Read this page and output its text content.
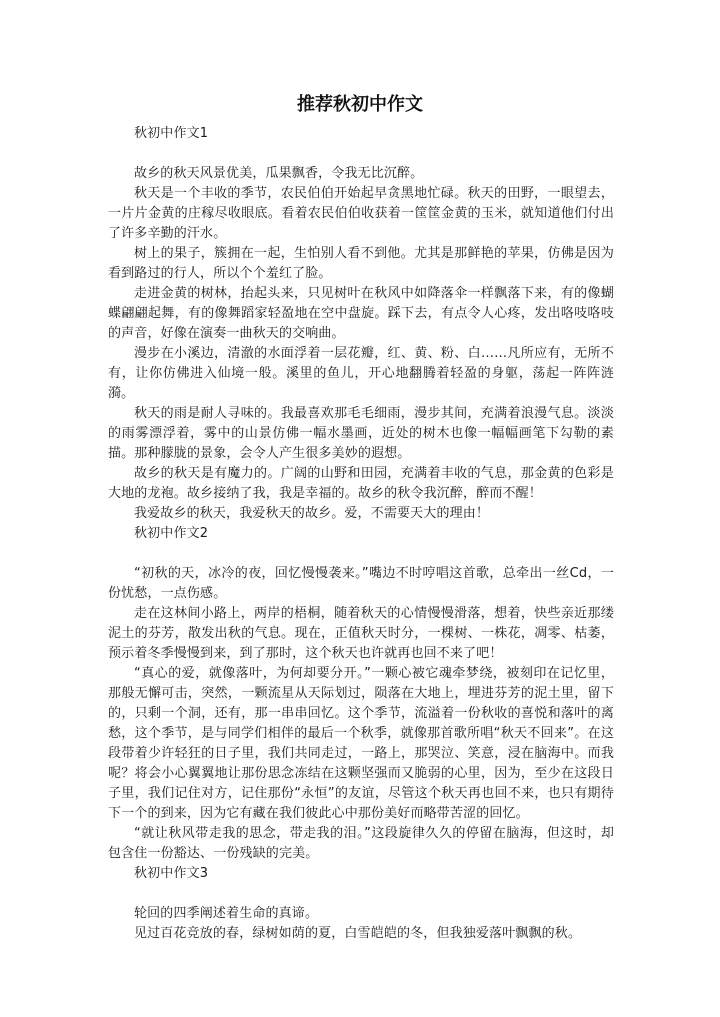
推荐秋初中作文

秋初中作文1

故乡的秋天风景优美，瓜果飘香，令我无比沉醉。

秋天是一个丰收的季节，农民伯伯开始起早贪黑地忙碌。秋天的田野，一眼望去，一片片金黄的庄稼尽收眼底。看着农民伯伯收获着一筐筐金黄的玉米，就知道他们付出了许多辛勤的汗水。

树上的果子，簇拥在一起，生怕别人看不到他。尤其是那鲜艳的苹果，仿佛是因为看到路过的行人，所以个个羞红了脸。

走进金黄的树林，抬起头来，只见树叶在秋风中如降落伞一样飘落下来，有的像蝴蝶翩翩起舞，有的像舞蹈家轻盈地在空中盘旋。踩下去，有点令人心疼，发出咯吱咯吱的声音，好像在演奏一曲秋天的交响曲。

漫步在小溪边，清澈的水面浮着一层花瓣，红、黄、粉、白……凡所应有，无所不有，让你仿佛进入仙境一般。溪里的鱼儿，开心地翻腾着轻盈的身躯，荡起一阵阵涟漪。

秋天的雨是耐人寻味的。我最喜欢那毛毛细雨，漫步其间，充满着浪漫气息。淡淡的雨雾漂浮着，雾中的山景仿佛一幅水墨画，近处的树木也像一幅幅画笔下勾勒的素描。那种朦胧的景象，会令人产生很多美妙的遐想。

故乡的秋天是有魔力的。广阔的山野和田园，充满着丰收的气息，那金黄的色彩是大地的龙袍。故乡接纳了我，我是幸福的。故乡的秋令我沉醉，醉而不醒！

我爱故乡的秋天，我爱秋天的故乡。爱，不需要天大的理由！

秋初中作文2

“初秋的天，冰冷的夜，回忆慢慢袭来。”嘴边不时哼唱这首歌，总牵出一丝Cd，一份忧愁，一点伤感。

走在这林间小路上，两岸的梧桐，随着秋天的心情慢慢滑落，想着，快些亲近那缕泥土的芬芳，散发出秋的气息。现在，正值秋天时分，一棵树、一株花，凋零、枯萎，预示着冬季慢慢到来，到了那时，这个秋天也许就再也回不来了吧！

“真心的爱，就像落叶，为何却要分开。”一颗心被它魂牵梦绕，被刻印在记忆里，那般无懈可击，突然，一颗流星从天际划过，陨落在大地上，埋进芬芳的泥土里，留下的，只剩一个洞，还有，那一串串回忆。这个季节，流溢着一份秋收的喜悦和落叶的离愁，这个季节，是与同学们相伴的最后一个秋季，就像那首歌所唱“秋天不回来”。在这段带着少许轻狂的日子里，我们共同走过，一路上，那哭泣、笑意，浸在脑海中。而我呢？将会小心翼翼地让那份思念冻结在这颗坚强而又脆弱的心里，因为，至少在这段日子里，我们记住对方，记住那份“永恒”的友谊，尽管这个秋天再也回不来，也只有期待下一个的到来，因为它有藏在我们彼此心中那份美好而略带苦涩的回忆。

“就让秋风带走我的思念，带走我的泪。”这段旋律久久的停留在脑海，但这时，却包含住一份豁达、一份残缺的完美。

秋初中作文3

轮回的四季阐述着生命的真谛。

见过百花竞放的春，绿树如荫的夏，白雪皑皑的冬，但我独爱落叶飘飘的秋。
